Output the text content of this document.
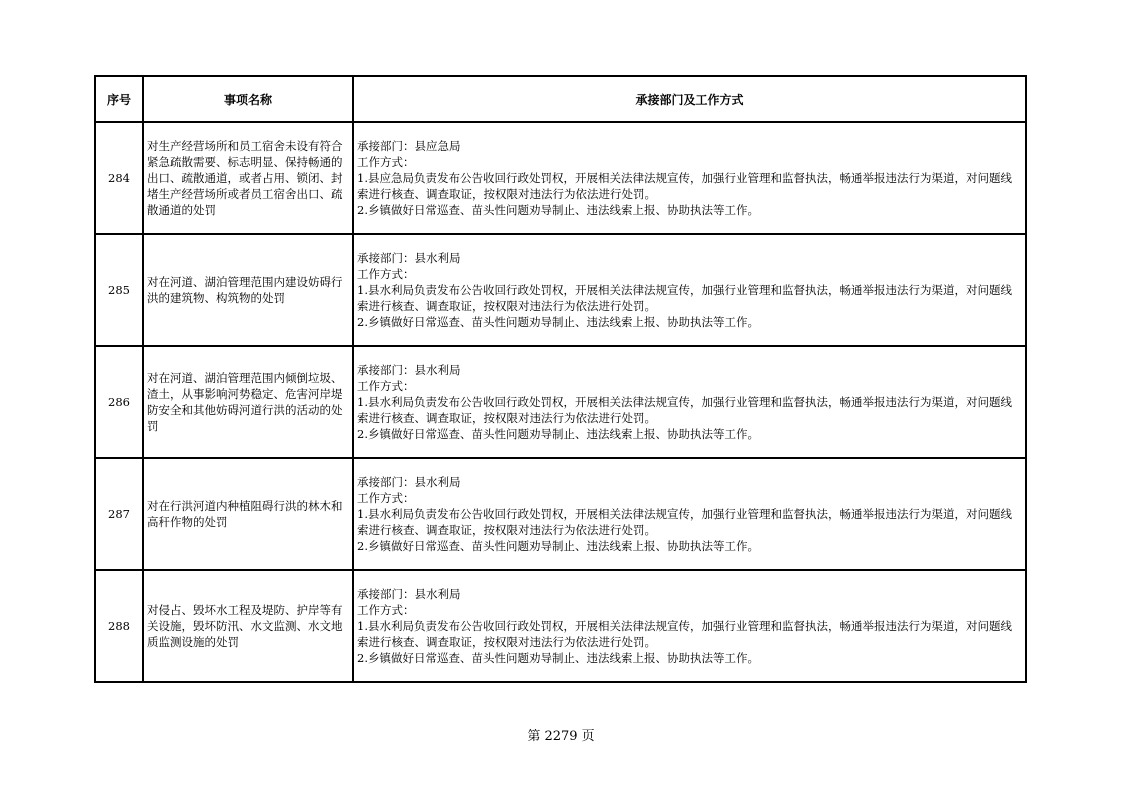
序号	事项名称	承接部门及工作方式
284	对生产经营场所和员工宿舍未设有符合紧急疏散需要、标志明显、保持畅通的出口、疏散通道，或者占用、锁闭、封堵生产经营场所或者员工宿舍出口、疏散通道的处罚	承接部门：县应急局
工作方式：
1.县应急局负责发布公告收回行政处罚权，开展相关法律法规宣传，加强行业管理和监督执法，畅通举报违法行为渠道，对问题线索进行核查、调查取证，按权限对违法行为依法进行处罚。
2.乡镇做好日常巡查、苗头性问题劝导制止、违法线索上报、协助执法等工作。

285	对在河道、湖泊管理范围内建设妨碍行洪的建筑物、构筑物的处罚	承接部门：县水利局
工作方式：
1.县水利局负责发布公告收回行政处罚权，开展相关法律法规宣传，加强行业管理和监督执法，畅通举报违法行为渠道，对问题线索进行核查、调查取证，按权限对违法行为依法进行处罚。
2.乡镇做好日常巡查、苗头性问题劝导制止、违法线索上报、协助执法等工作。

286	对在河道、湖泊管理范围内倾倒垃圾、渣土，从事影响河势稳定、危害河岸堤防安全和其他妨碍河道行洪的活动的处罚	承接部门：县水利局
工作方式：
1.县水利局负责发布公告收回行政处罚权，开展相关法律法规宣传，加强行业管理和监督执法，畅通举报违法行为渠道，对问题线索进行核查、调查取证，按权限对违法行为依法进行处罚。
2.乡镇做好日常巡查、苗头性问题劝导制止、违法线索上报、协助执法等工作。

287	对在行洪河道内种植阻碍行洪的林木和高秆作物的处罚	承接部门：县水利局
工作方式：
1.县水利局负责发布公告收回行政处罚权，开展相关法律法规宣传，加强行业管理和监督执法，畅通举报违法行为渠道，对问题线索进行核查、调查取证，按权限对违法行为依法进行处罚。
2.乡镇做好日常巡查、苗头性问题劝导制止、违法线索上报、协助执法等工作。

288	对侵占、毁坏水工程及堤防、护岸等有关设施，毁坏防汛、水文监测、水文地质监测设施的处罚	承接部门：县水利局
工作方式：
1.县水利局负责发布公告收回行政处罚权，开展相关法律法规宣传，加强行业管理和监督执法，畅通举报违法行为渠道，对问题线索进行核查、调查取证，按权限对违法行为依法进行处罚。
2.乡镇做好日常巡查、苗头性问题劝导制止、违法线索上报、协助执法等工作。
第 2279 页
